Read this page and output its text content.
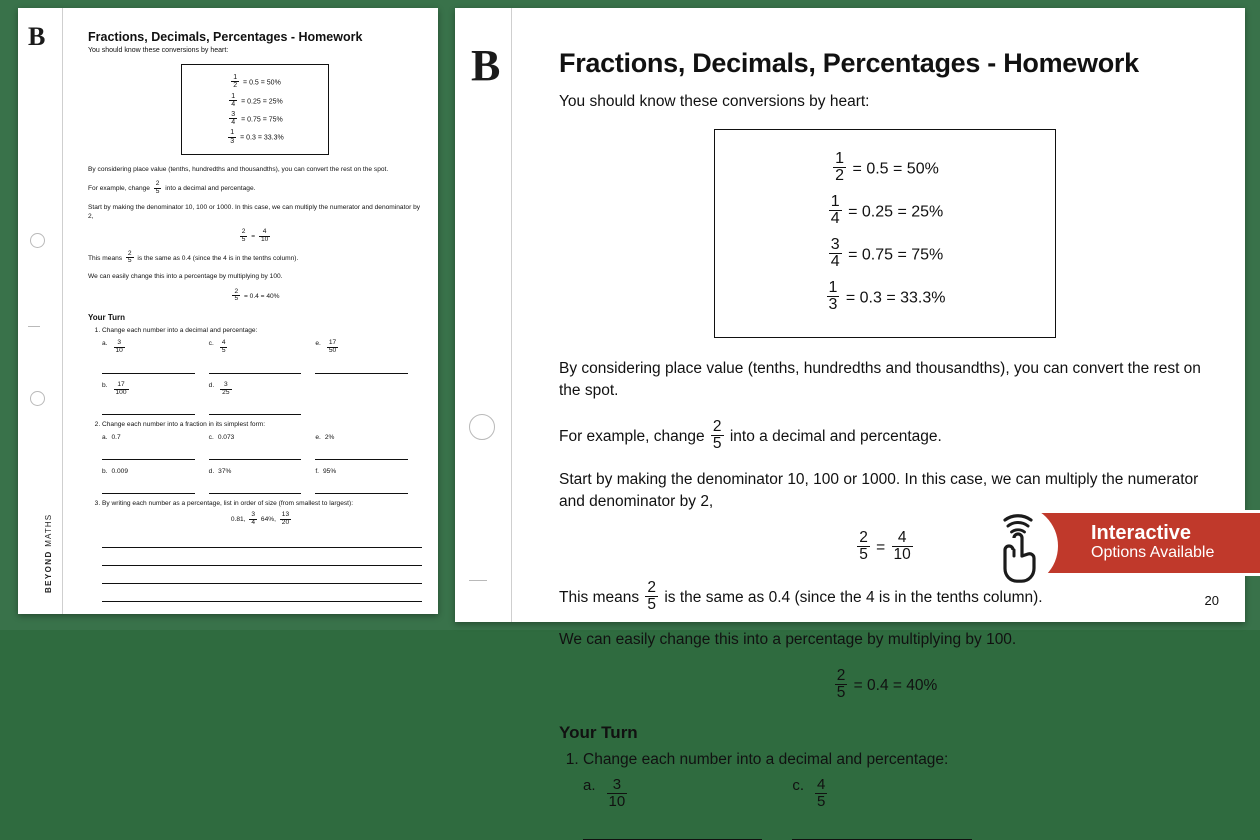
B
BEYOND MATHS
Fractions, Decimals, Percentages - Homework

You should know these conversions by heart:

$\frac{1}{2} = 0.5 = 50\%$
$\frac{1}{4} = 0.25 = 25\%$
$\frac{3}{4} = 0.75 = 75\%$
$\frac{1}{3} = 0.3 = 33.3\%$

By considering place value (tenths, hundredths and thousandths), you can convert the rest on the spot.

For example, change $\frac{2}{5}$ into a decimal and percentage.

Start by making the denominator 10, 100 or 1000. In this case, we can multiply the numerator and denominator by 2,

$\frac{2}{5} = \frac{4}{10}$

This means $\frac{2}{5}$ is the same as 0.4 (since the 4 is in the tenths column).

We can easily change this into a percentage by multiplying by 100.

$\frac{2}{5} = 0.4 = 40\%$

Your Turn
1. Change each number into a decimal and percentage:
a. $\frac{3}{10}$
b. $\frac{17}{100}$
c. $\frac{4}{5}$
d. $\frac{3}{25}$
e. $\frac{17}{50}$
2. Change each number into a fraction in its simplest form:
a. 0.7
b. 0.009
c. 0.073
d. 37%
e. 2%
f. 95%
3. By writing each number as a percentage, list in order of size (from smallest to largest):

0.81, $\frac{3}{4} 64\%$, $\frac{13}{20}$

B Fractions, Decimals, Percentages - Homework

You should know these conversions by heart:

$\frac{1}{2} = 0.5 = 50\%$
$\frac{1}{4} = 0.25 = 25\%$
$\frac{3}{4} = 0.75 = 75\%$
$\frac{1}{3} = 0.3 = 33.3\%$

By considering place value (tenths, hundredths and thousandths), you can convert the rest on the spot.

For example, change $\frac{2}{5}$ into a decimal and percentage.

Start by making the denominator 10, 100 or 1000. In this case, we can multiply the numerator and denominator by 2,

$\frac{2}{5} = \frac{4}{10}$

This means $\frac{2}{5}$ is the same as 0.4 (since the 4 is in the tenths column).

We can easily change this into a percentage by multiplying by 100.

$\frac{2}{5} = 0.4 = 40\%$

Your Turn
1. Change each number into a decimal and percentage:
a. $\frac{3}{10}$	c. $\frac{4}{5}$
20
Interactive
Options Available
